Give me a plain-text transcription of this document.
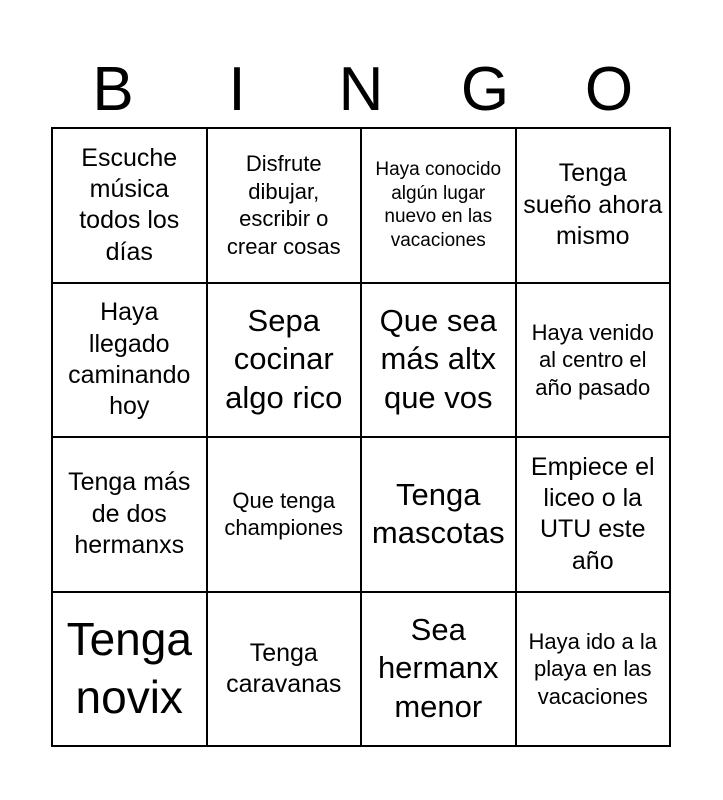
B	I	N	G	O
Escuche música todos los días
Disfrute dibujar, escribir o crear cosas
Haya conocido algún lugar nuevo en las vacaciones
Tenga sueño ahora mismo
Haya llegado caminando hoy
Sepa cocinar algo rico
Que sea más altx que vos
Haya venido al centro el año pasado
Tenga más de dos hermanxs
Que tenga championes
Tenga mascotas
Empiece el liceo o la UTU este año
Tenga novix
Tenga caravanas
Sea hermanx menor
Haya ido a la playa en las vacaciones
